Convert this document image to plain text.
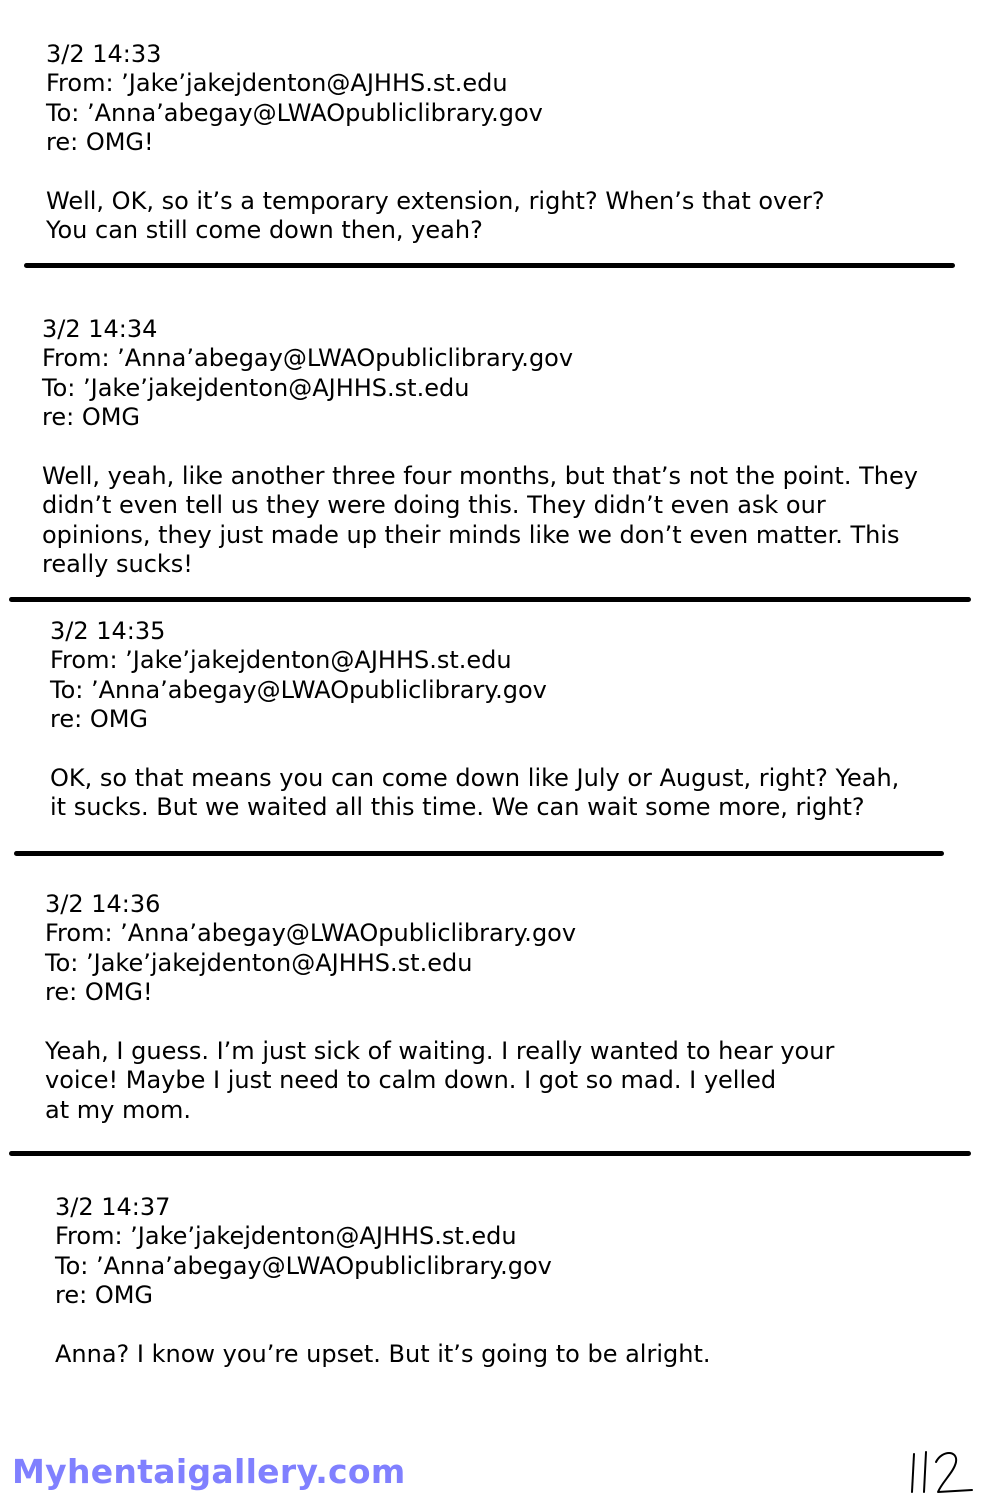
3/2 14:33
From: ’Jake’jakejdenton@AJHHS.st.edu
To: ’Anna’abegay@LWAOpubliclibrary.gov
re: OMG!
Well, OK, so it’s a temporary extension, right? When’s that over?
You can still come down then, yeah?
3/2 14:34
From: ’Anna’abegay@LWAOpubliclibrary.gov
To: ’Jake’jakejdenton@AJHHS.st.edu
re: OMG
Well, yeah, like another three four months, but that’s not the point. They
didn’t even tell us they were doing this. They didn’t even ask our
opinions, they just made up their minds like we don’t even matter. This
really sucks!
3/2 14:35
From: ’Jake’jakejdenton@AJHHS.st.edu
To: ’Anna’abegay@LWAOpubliclibrary.gov
re: OMG
OK, so that means you can come down like July or August, right? Yeah,
it sucks. But we waited all this time. We can wait some more, right?
3/2 14:36
From: ’Anna’abegay@LWAOpubliclibrary.gov
To: ’Jake’jakejdenton@AJHHS.st.edu
re: OMG!
Yeah, I guess. I’m just sick of waiting. I really wanted to hear your
voice! Maybe I just need to calm down. I got so mad. I yelled
at my mom.
3/2 14:37
From: ’Jake’jakejdenton@AJHHS.st.edu
To: ’Anna’abegay@LWAOpubliclibrary.gov
re: OMG
Anna? I know you’re upset. But it’s going to be alright.
Myhentaigallery.com
